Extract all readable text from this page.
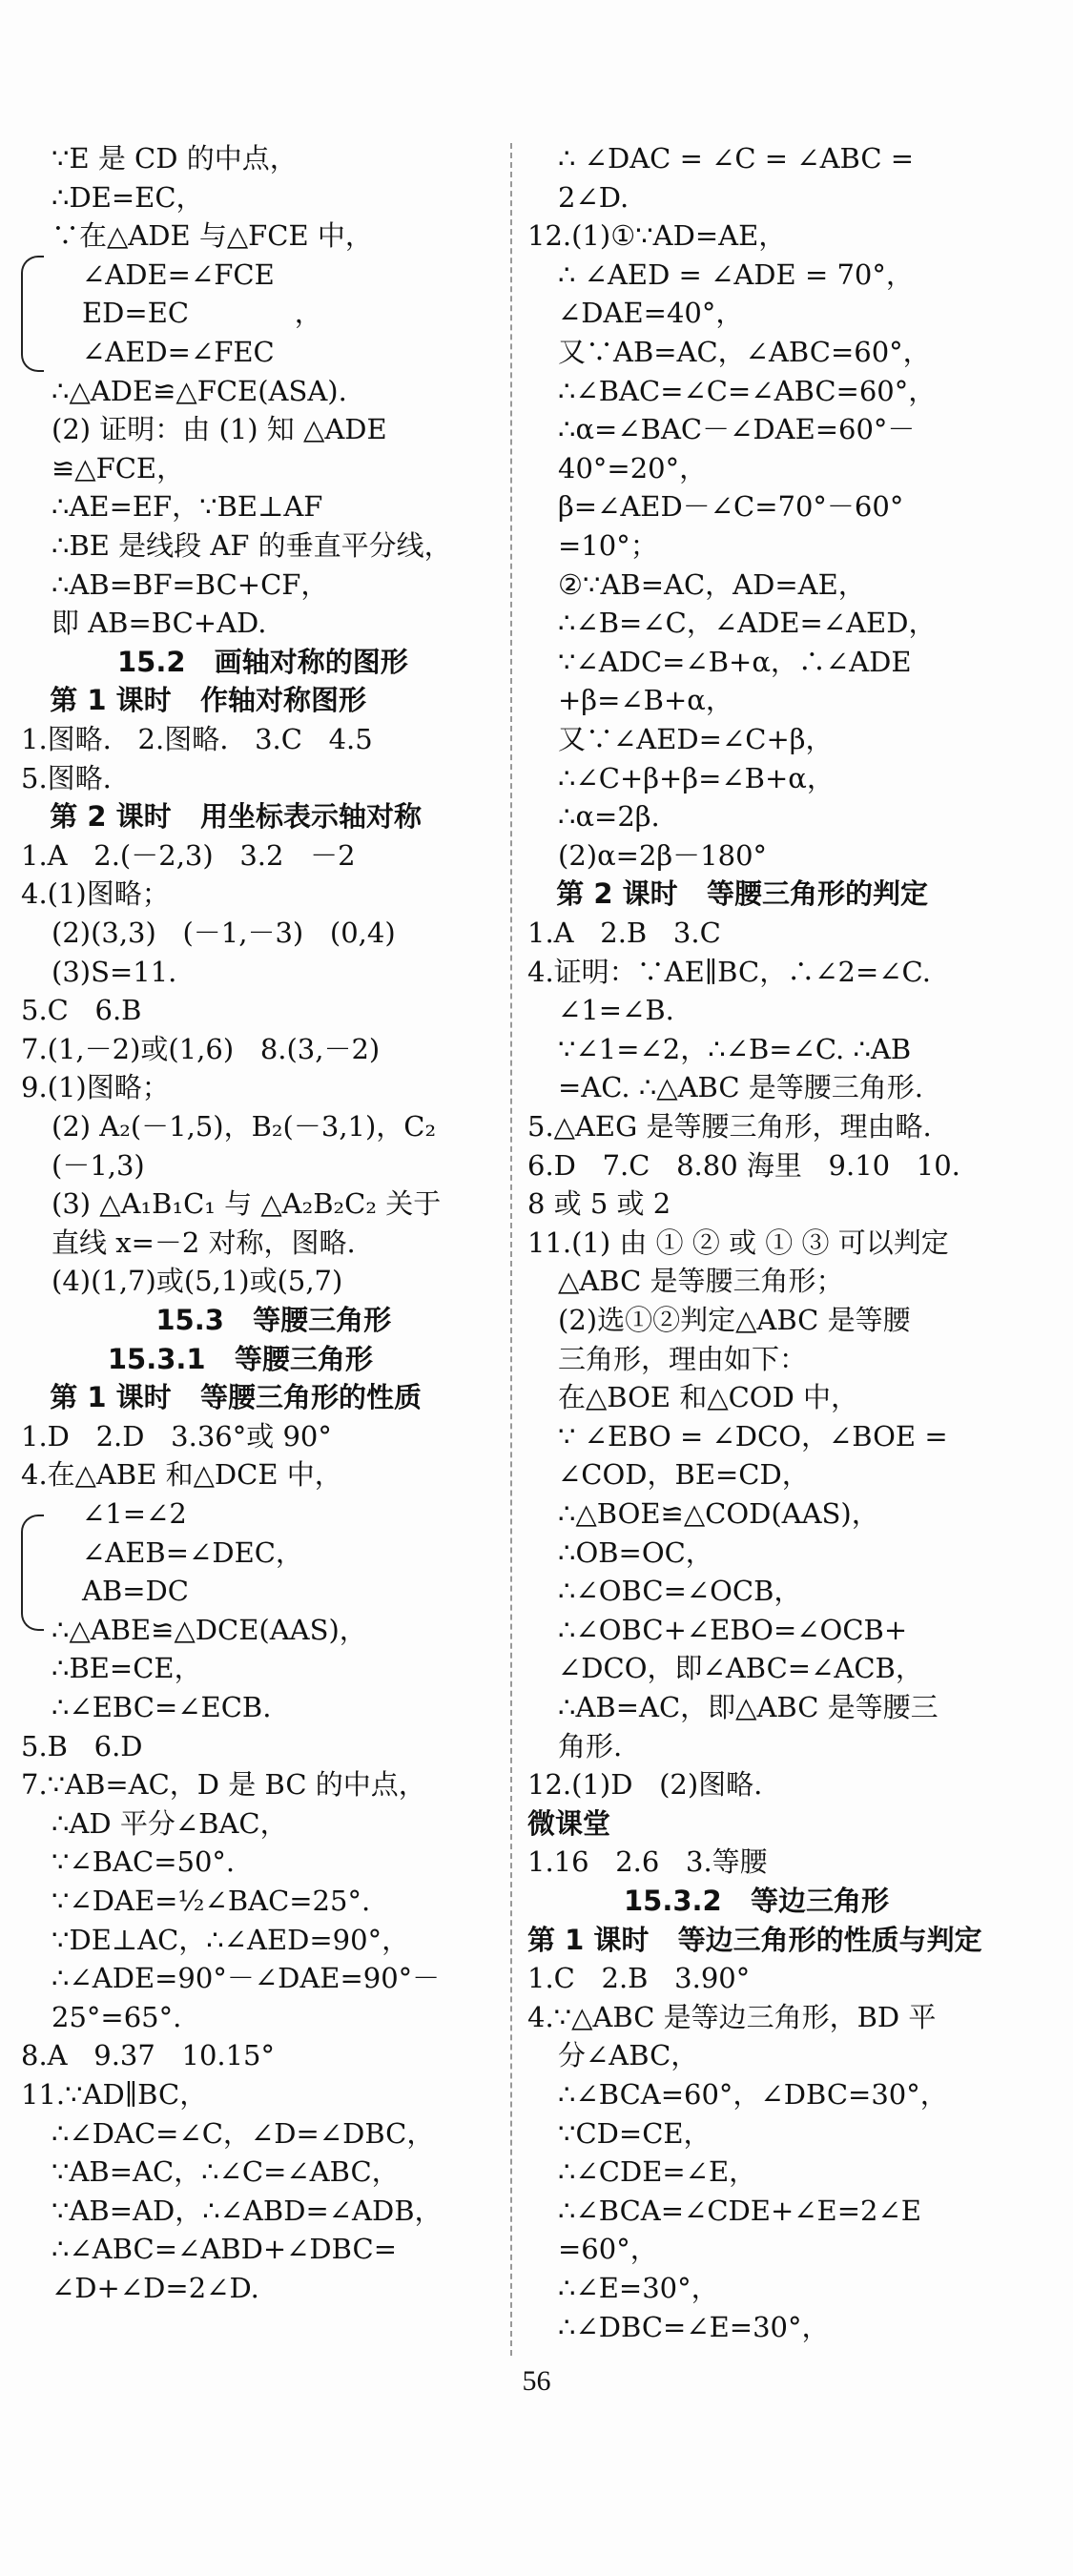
∵E 是 CD 的中点，
∴DE=EC，
∵在△ADE 与△FCE 中，
∠ADE=∠FCE
ED=EC            ，
∠AED=∠FEC
∴△ADE≌△FCE(ASA).
(2) 证明：由 (1) 知 △ADE
≌△FCE，
∴AE=EF，∵BE⊥AF
∴BE 是线段 AF 的垂直平分线，
∴AB=BF=BC+CF，
即 AB=BC+AD.
15.2   画轴对称的图形
第 1 课时   作轴对称图形
1.图略.   2.图略.   3.C   4.5
5.图略.
第 2 课时   用坐标表示轴对称
1.A   2.(－2,3)   3.2   －2
4.(1)图略；
(2)(3,3)   (－1,－3)   (0,4)
(3)S=11.
5.C   6.B
7.(1,－2)或(1,6)   8.(3,－2)
9.(1)图略；
(2) A₂(－1,5)，B₂(－3,1)，C₂
(－1,3)
(3) △A₁B₁C₁ 与 △A₂B₂C₂ 关于
直线 x=－2 对称，图略.
(4)(1,7)或(5,1)或(5,7)
15.3   等腰三角形
15.3.1   等腰三角形
第 1 课时   等腰三角形的性质
1.D   2.D   3.36°或 90°
4.在△ABE 和△DCE 中，
∠1=∠2
∠AEB=∠DEC，
AB=DC
∴△ABE≌△DCE(AAS)，
∴BE=CE，
∴∠EBC=∠ECB.
5.B   6.D
7.∵AB=AC，D 是 BC 的中点，
∴AD 平分∠BAC，
∵∠BAC=50°.
∵∠DAE=½∠BAC=25°.
∵DE⊥AC，∴∠AED=90°，
∴∠ADE=90°－∠DAE=90°－
25°=65°.
8.A   9.37   10.15°
11.∵AD∥BC，
∴∠DAC=∠C，∠D=∠DBC，
∵AB=AC，∴∠C=∠ABC，
∵AB=AD，∴∠ABD=∠ADB，
∴∠ABC=∠ABD+∠DBC=
∠D+∠D=2∠D.
∴ ∠DAC = ∠C = ∠ABC =
2∠D.
12.(1)①∵AD=AE，
∴ ∠AED = ∠ADE = 70°，
∠DAE=40°，
又∵AB=AC，∠ABC=60°，
∴∠BAC=∠C=∠ABC=60°，
∴α=∠BAC－∠DAE=60°－
40°=20°，
β=∠AED－∠C=70°－60°
=10°；
②∵AB=AC，AD=AE，
∴∠B=∠C，∠ADE=∠AED，
∵∠ADC=∠B+α，∴∠ADE
+β=∠B+α，
又∵∠AED=∠C+β，
∴∠C+β+β=∠B+α，
∴α=2β.
(2)α=2β－180°
第 2 课时   等腰三角形的判定
1.A   2.B   3.C
4.证明：∵AE∥BC，∴∠2=∠C.
∠1=∠B.
∵∠1=∠2，∴∠B=∠C. ∴AB
=AC. ∴△ABC 是等腰三角形.
5.△AEG 是等腰三角形，理由略.
6.D   7.C   8.80 海里   9.10   10.
8 或 5 或 2
11.(1) 由 ① ② 或 ① ③ 可以判定
△ABC 是等腰三角形；
(2)选①②判定△ABC 是等腰
三角形，理由如下：
在△BOE 和△COD 中，
∵ ∠EBO = ∠DCO，∠BOE =
∠COD，BE=CD，
∴△BOE≌△COD(AAS)，
∴OB=OC，
∴∠OBC=∠OCB，
∴∠OBC+∠EBO=∠OCB+
∠DCO，即∠ABC=∠ACB，
∴AB=AC，即△ABC 是等腰三
角形.
12.(1)D   (2)图略.
微课堂
1.16   2.6   3.等腰
15.3.2   等边三角形
第 1 课时   等边三角形的性质与判定
1.C   2.B   3.90°
4.∵△ABC 是等边三角形，BD 平
分∠ABC，
∴∠BCA=60°，∠DBC=30°，
∵CD=CE，
∴∠CDE=∠E，
∴∠BCA=∠CDE+∠E=2∠E
=60°，
∴∠E=30°，
∴∠DBC=∠E=30°，
56
